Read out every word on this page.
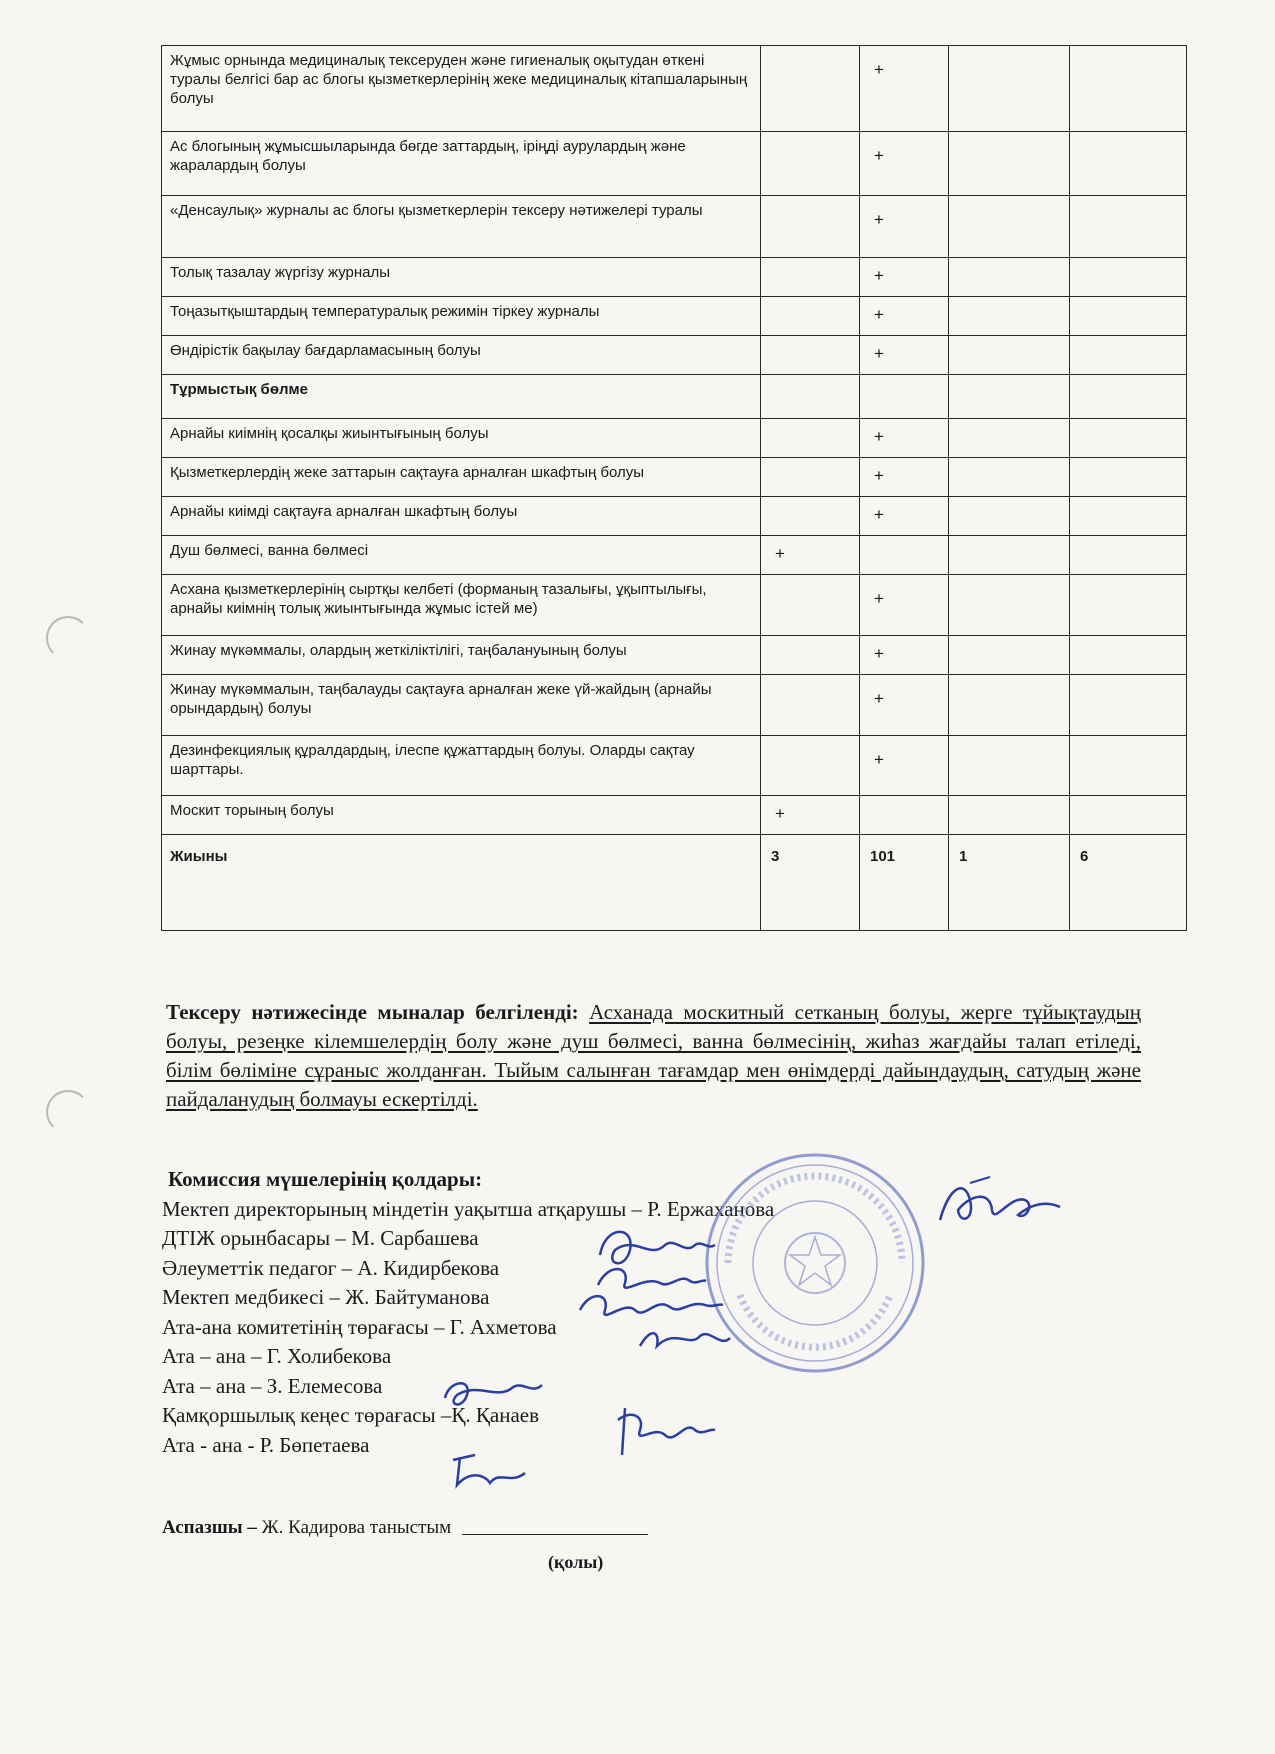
Жұмыс орнында медициналық тексеруден және гигиеналық оқытудан өткені туралы белгісі бар ас блогы қызметкерлерінің жеке медициналық кітапшаларының болуы		+		
Ас блогының жұмысшыларында бөгде заттардың, іріңді аурулардың және жаралардың болуы		+		
«Денсаулық» журналы ас блогы қызметкерлерін тексеру нәтижелері туралы		+		
Толық тазалау жүргізу журналы		+		
Тоңазытқыштардың температуралық режимін тіркеу журналы		+		
Өндірістік бақылау бағдарламасының болуы		+		
Тұрмыстық бөлме				
Арнайы киімнің қосалқы жиынтығының болуы		+		
Қызметкерлердің жеке заттарын сақтауға арналған шкафтың болуы		+		
Арнайы киімді сақтауға арналған шкафтың болуы		+		
Душ бөлмесі, ванна бөлмесі	+			
Асхана қызметкерлерінің сыртқы келбеті (форманың тазалығы, ұқыптылығы, арнайы киімнің толық жиынтығында жұмыс істей ме)		+		
Жинау мүкәммалы, олардың жеткіліктілігі, таңбалануының болуы		+		
Жинау мүкәммалын, таңбалауды сақтауға арналған жеке үй-жайдың (арнайы орындардың) болуы		+		
Дезинфекциялық құралдардың, ілеспе құжаттардың болуы. Оларды сақтау шарттары.		+		
Москит торының болуы	+			
Жиыны	3	101	1	6
Тексеру нәтижесінде мыналар белгіленді: Асханада москитный сетканың болуы, жерге тұйықтаудың болуы, резеңке кілемшелердің болу және душ бөлмесі, ванна бөлмесінің, жиһаз жағдайы талап етіледі, білім бөліміне сұраныс жолданған. Тыйым салынған тағамдар мен өнімдерді дайындаудың, сатудың және пайдаланудың болмауы ескертілді.
Комиссия мүшелерінің қолдары:
Мектеп директорының міндетін уақытша атқарушы – Р. Ержаханова
ДТІЖ орынбасары – М. Сарбашева
Әлеуметтік педагог – А. Кидирбекова
Мектеп медбикесі – Ж. Байтуманова
Ата-ана комитетінің төрағасы – Г. Ахметова
Ата – ана – Г. Холибекова
Ата – ана – З. Елемесова
Қамқоршылық кеңес төрағасы –Қ. Қанаев
Ата - ана - Р. Бөпетаева
Аспазшы – Ж. Кадирова таныстым
(қолы)
